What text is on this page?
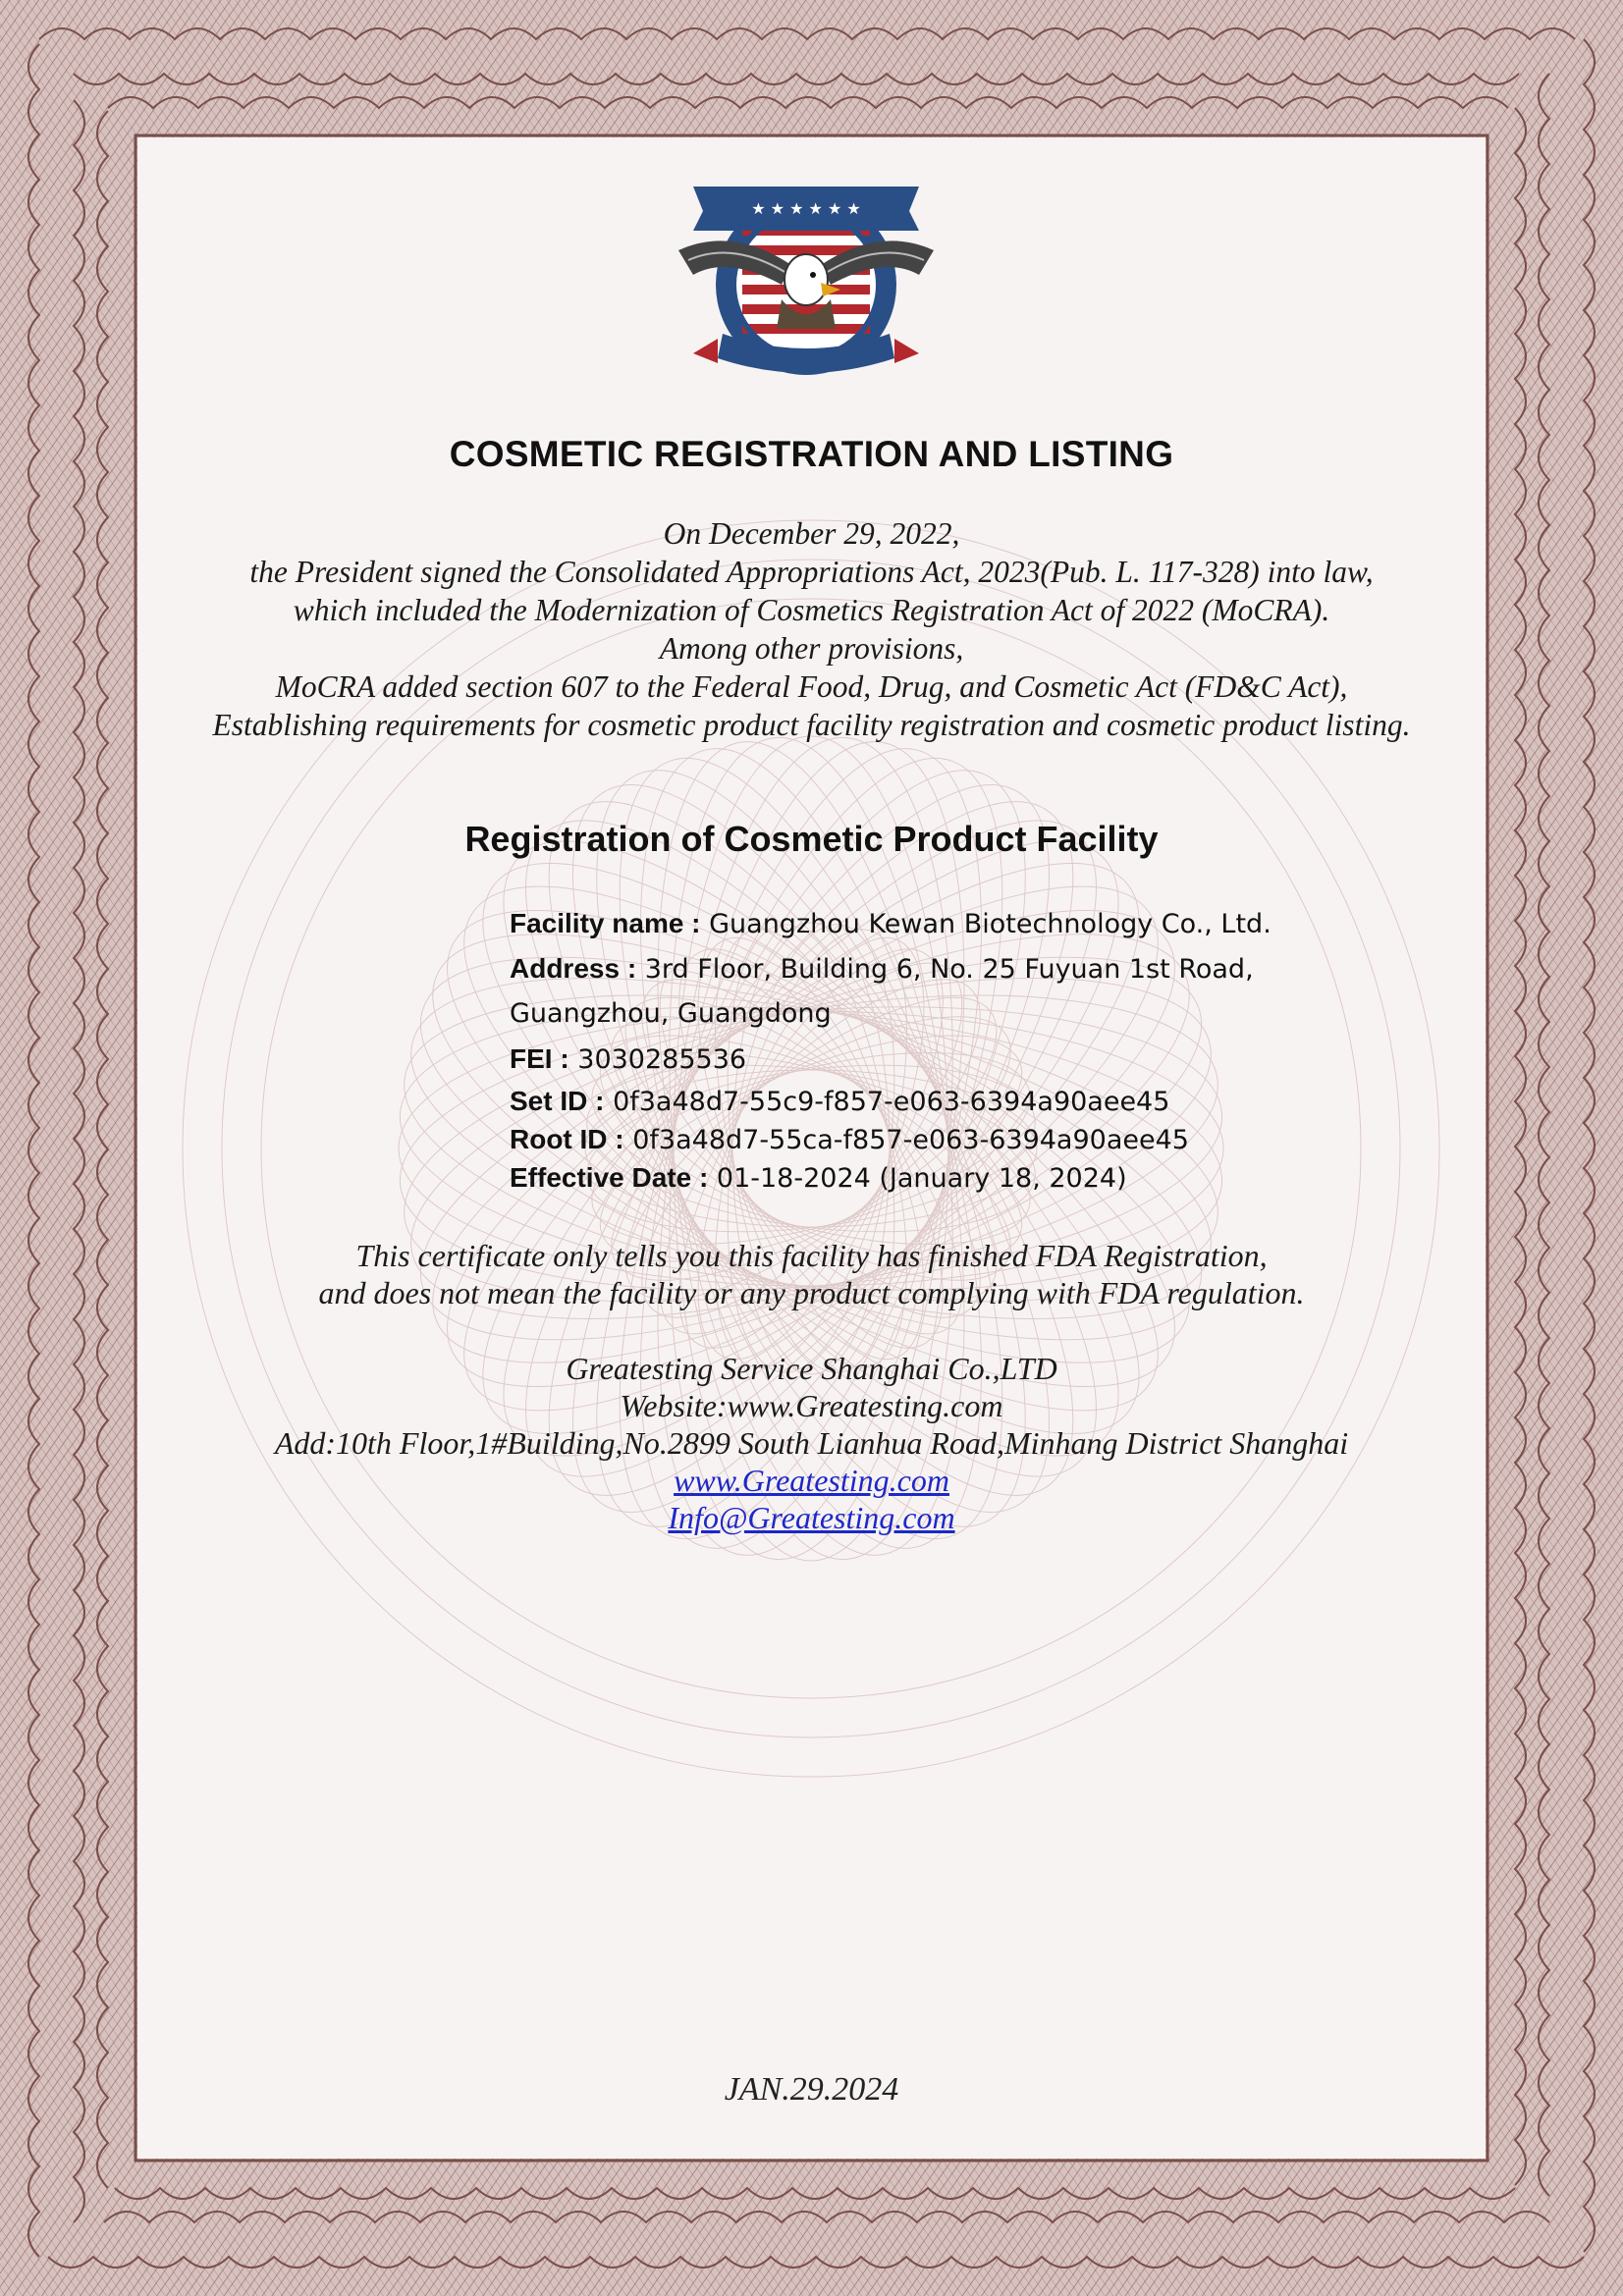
★ ★ ★ ★ ★ ★
COSMETIC REGISTRATION AND LISTING
On December 29, 2022,
the President signed the Consolidated Appropriations Act, 2023(Pub. L. 117-328) into law,
which included the Modernization of Cosmetics Registration Act of 2022 (MoCRA).
Among other provisions,
MoCRA added section 607 to the Federal Food, Drug, and Cosmetic Act (FD&C Act),
Establishing requirements for cosmetic product facility registration and cosmetic product listing.
Registration of Cosmetic Product Facility
Facility name : Guangzhou Kewan Biotechnology Co., Ltd.
Address : 3rd Floor, Building 6, No. 25 Fuyuan 1st Road,
Guangzhou, Guangdong
FEI : 3030285536
Set ID : 0f3a48d7-55c9-f857-e063-6394a90aee45
Root ID : 0f3a48d7-55ca-f857-e063-6394a90aee45
Effective Date : 01-18-2024 (January 18, 2024)
This certificate only tells you this facility has finished FDA Registration,
and does not mean the facility or any product complying with FDA regulation.
Greatesting Service Shanghai Co.,LTD
Website:www.Greatesting.com
Add:10th Floor,1#Building,No.2899 South Lianhua Road,Minhang District Shanghai
www.Greatesting.com
Info@Greatesting.com
JAN.29.2024
